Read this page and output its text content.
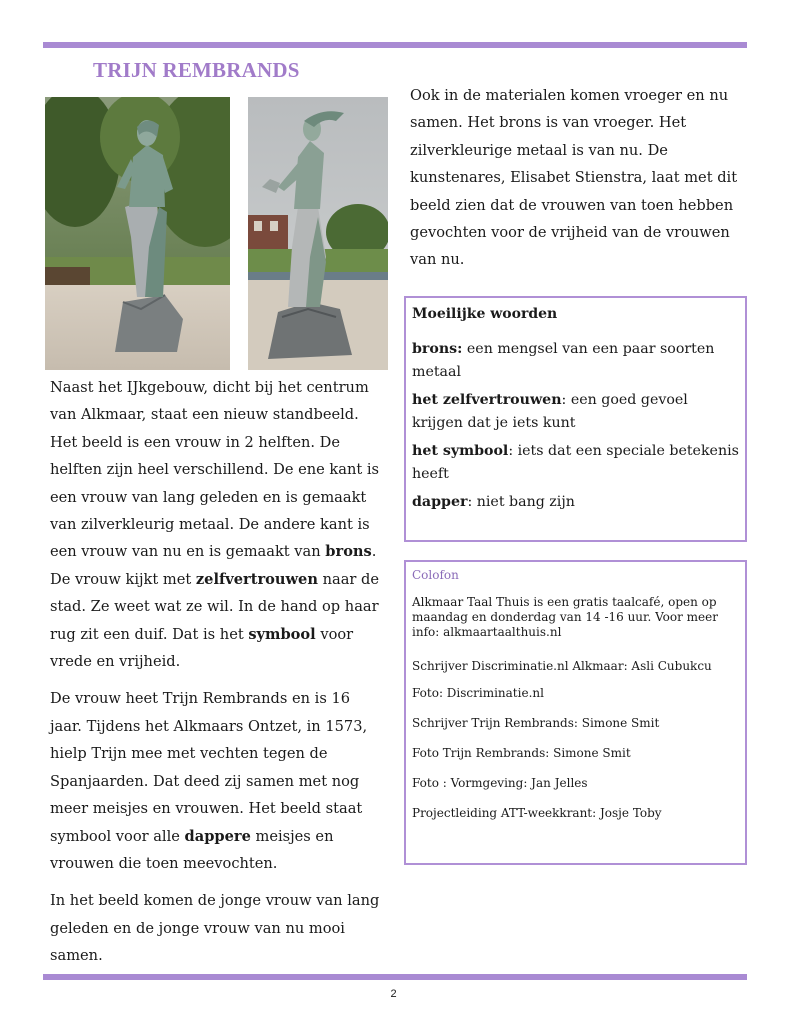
TRIJN REMBRANDS

Naast het IJkgebouw, dicht bij het centrum van Alkmaar, staat een nieuw standbeeld. Het beeld is een vrouw in 2 helften. De helften zijn heel verschillend. De ene kant is een vrouw van lang geleden en is gemaakt van zilverkleurig metaal. De andere kant is een vrouw van nu en is gemaakt van brons. De vrouw kijkt met zelfvertrouwen naar de stad. Ze weet wat ze wil. In de hand op haar rug zit een duif. Dat is het symbool voor vrede en vrijheid.

De vrouw heet Trijn Rembrands en is 16 jaar. Tijdens het Alkmaars Ontzet, in 1573, hielp Trijn mee met vechten tegen de Spanjaarden. Dat deed zij samen met nog meer meisjes en vrouwen. Het beeld staat symbool voor alle dappere meisjes en vrouwen die toen meevochten.

In het beeld komen de jonge vrouw van lang geleden en de jonge vrouw van nu mooi samen.

Ook in de materialen komen vroeger en nu samen. Het brons is van vroeger. Het zilverkleurige metaal is van nu. De kunstenares, Elisabet Stienstra, laat met dit beeld zien dat de vrouwen van toen hebben gevochten voor de vrijheid van de vrouwen van nu.

Moeilijke woorden

brons: een mengsel van een paar soorten metaal

het zelfvertrouwen: een goed gevoel krijgen dat je iets kunt

het symbool: iets dat een speciale betekenis heeft

dapper: niet bang zijn

Colofon

Alkmaar Taal Thuis is een gratis taalcafé, open op maandag en donderdag van 14 -16 uur. Voor meer info: alkmaartaalthuis.nl

Schrijver Discriminatie.nl Alkmaar: Asli Cubukcu

Foto: Discriminatie.nl

Schrijver Trijn Rembrands: Simone Smit

Foto Trijn Rembrands: Simone Smit

Foto : Vormgeving: Jan Jelles

Projectleiding ATT-weekkrant: Josje Toby

2
